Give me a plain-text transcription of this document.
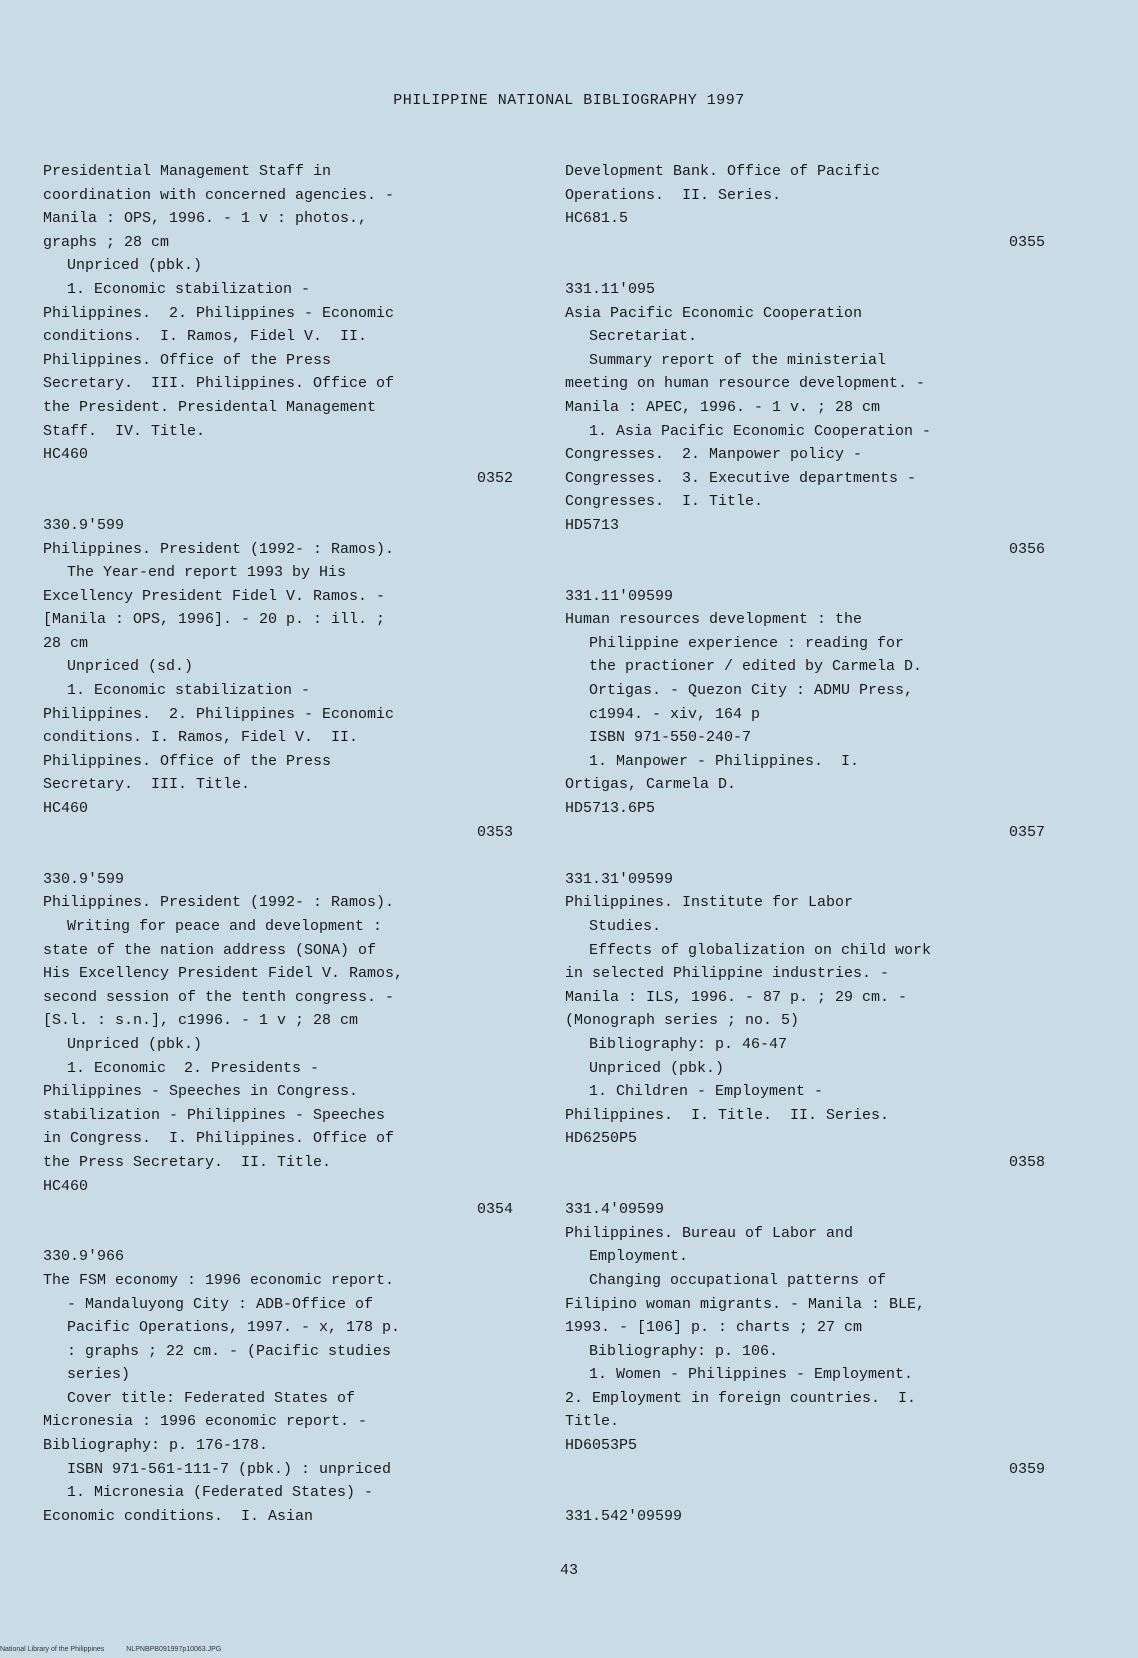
PHILIPPINE NATIONAL BIBLIOGRAPHY 1997
Presidential Management Staff in
coordination with concerned agencies. -
Manila : OPS, 1996. - 1 v : photos.,
graphs ; 28 cm
Unpriced (pbk.)
1. Economic stabilization -
Philippines.  2. Philippines - Economic
conditions.  I. Ramos, Fidel V.  II.
Philippines. Office of the Press
Secretary.  III. Philippines. Office of
the President. Presidental Management
Staff.  IV. Title.
HC460
0352
330.9'599
Philippines. President (1992- : Ramos).
The Year-end report 1993 by His
Excellency President Fidel V. Ramos. -
[Manila : OPS, 1996]. - 20 p. : ill. ;
28 cm
Unpriced (sd.)
1. Economic stabilization -
Philippines.  2. Philippines - Economic
conditions. I. Ramos, Fidel V.  II.
Philippines. Office of the Press
Secretary.  III. Title.
HC460
0353
330.9'599
Philippines. President (1992- : Ramos).
Writing for peace and development :
state of the nation address (SONA) of
His Excellency President Fidel V. Ramos,
second session of the tenth congress. -
[S.l. : s.n.], c1996. - 1 v ; 28 cm
Unpriced (pbk.)
1. Economic  2. Presidents -
Philippines - Speeches in Congress.
stabilization - Philippines - Speeches
in Congress.  I. Philippines. Office of
the Press Secretary.  II. Title.
HC460
0354
330.9'966
The FSM economy : 1996 economic report.
- Mandaluyong City : ADB-Office of
Pacific Operations, 1997. - x, 178 p.
: graphs ; 22 cm. - (Pacific studies
series)
Cover title: Federated States of
Micronesia : 1996 economic report. -
Bibliography: p. 176-178.
ISBN 971-561-111-7 (pbk.) : unpriced
1. Micronesia (Federated States) -
Economic conditions.  I. Asian
Development Bank. Office of Pacific
Operations.  II. Series.
HC681.5
0355
331.11'095
Asia Pacific Economic Cooperation
Secretariat.
Summary report of the ministerial
meeting on human resource development. -
Manila : APEC, 1996. - 1 v. ; 28 cm
1. Asia Pacific Economic Cooperation -
Congresses.  2. Manpower policy -
Congresses.  3. Executive departments -
Congresses.  I. Title.
HD5713
0356
331.11'09599
Human resources development : the
Philippine experience : reading for
the practioner / edited by Carmela D.
Ortigas. - Quezon City : ADMU Press,
c1994. - xiv, 164 p
ISBN 971-550-240-7
1. Manpower - Philippines.  I.
Ortigas, Carmela D.
HD5713.6P5
0357
331.31'09599
Philippines. Institute for Labor
Studies.
Effects of globalization on child work
in selected Philippine industries. -
Manila : ILS, 1996. - 87 p. ; 29 cm. -
(Monograph series ; no. 5)
Bibliography: p. 46-47
Unpriced (pbk.)
1. Children - Employment -
Philippines.  I. Title.  II. Series.
HD6250P5
0358
331.4'09599
Philippines. Bureau of Labor and
Employment.
Changing occupational patterns of
Filipino woman migrants. - Manila : BLE,
1993. - [106] p. : charts ; 27 cm
Bibliography: p. 106.
1. Women - Philippines - Employment.
2. Employment in foreign countries.  I.
Title.
HD6053P5
0359
331.542'09599
43
National Library of the Philippines	NLPNBPB091997p10063.JPG
